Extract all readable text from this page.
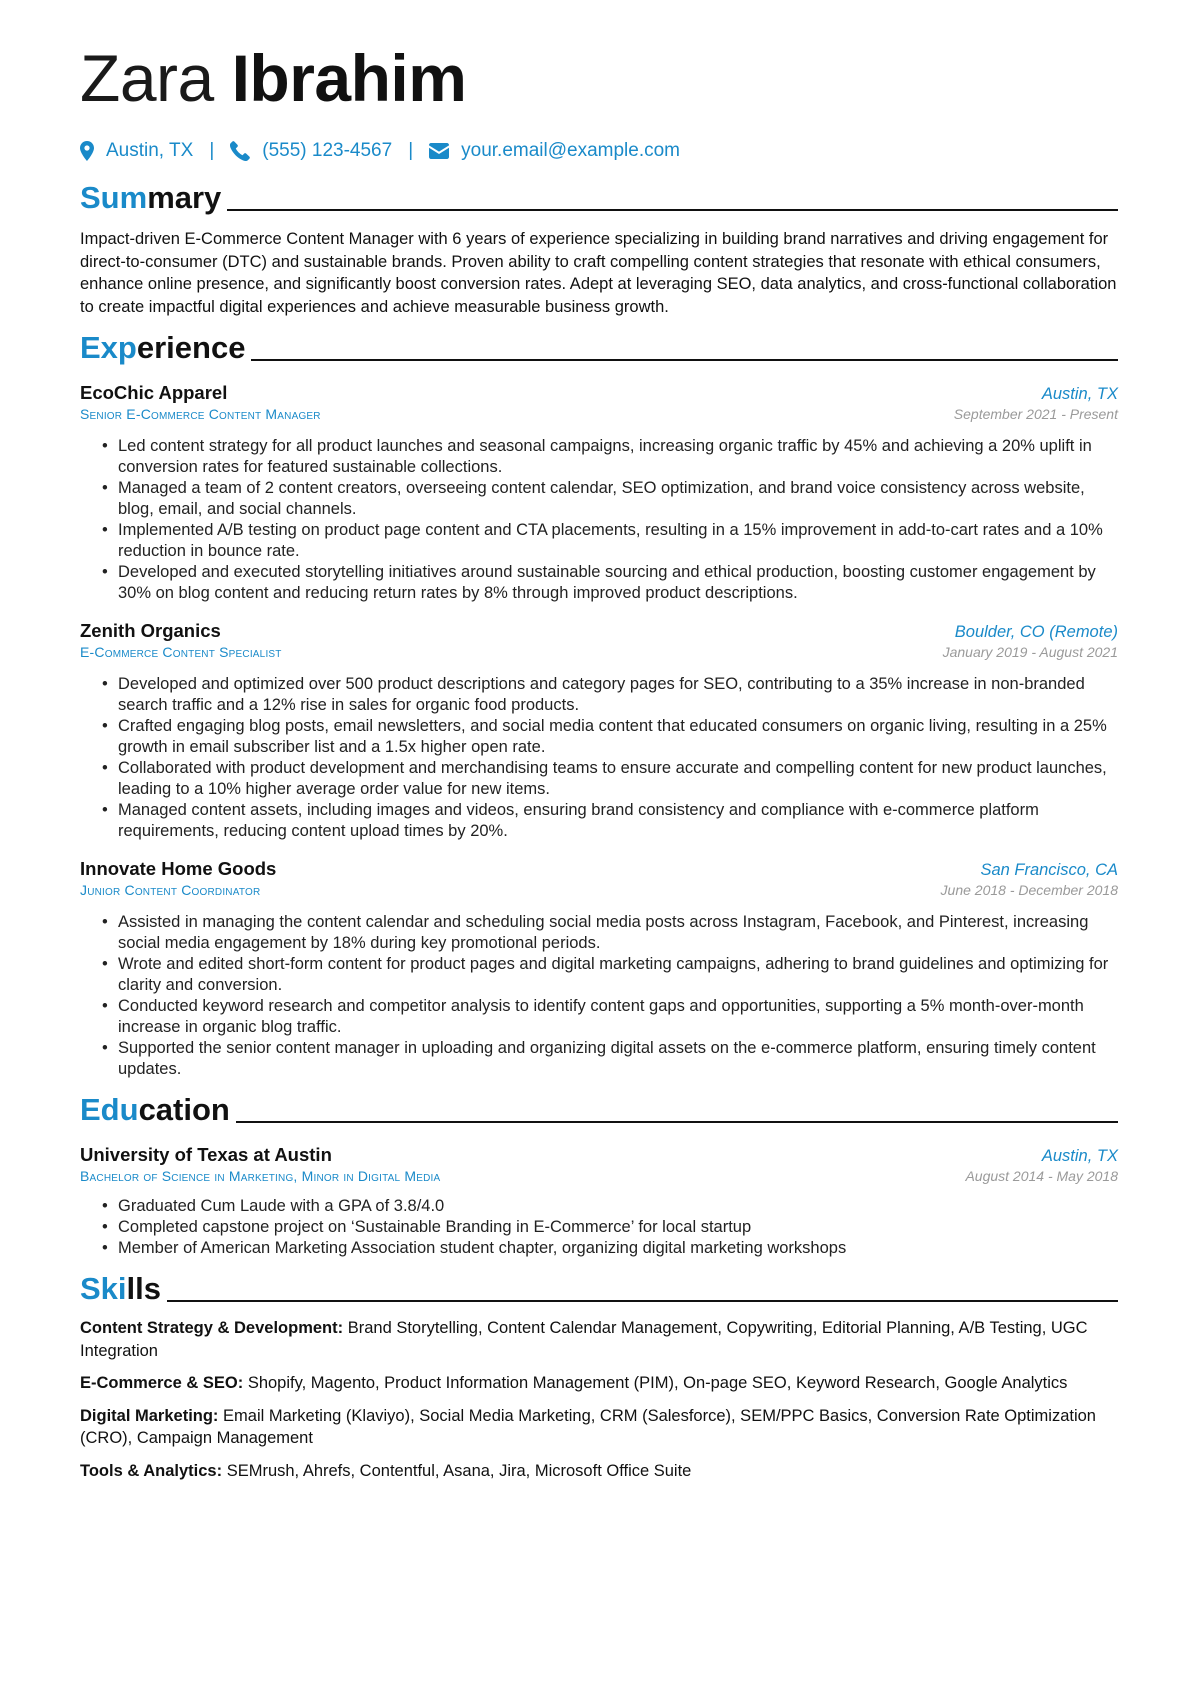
Zara Ibrahim
Austin, TX |	(555) 123-4567 |	your.email@example.com
Summary

Impact-driven E-Commerce Content Manager with 6 years of experience specializing in building brand narratives and driving engagement for direct-to-consumer (DTC) and sustainable brands. Proven ability to craft compelling content strategies that resonate with ethical consumers, enhance online presence, and significantly boost conversion rates. Adept at leveraging SEO, data analytics, and cross-functional collaboration to create impactful digital experiences and achieve measurable business growth.

Experience
EcoChic Apparel	Austin, TX
Senior E-Commerce Content Manager	September 2021 - Present
• Led content strategy for all product launches and seasonal campaigns, increasing organic traffic by 45% and achieving a 20% uplift in conversion rates for featured sustainable collections.
• Managed a team of 2 content creators, overseeing content calendar, SEO optimization, and brand voice consistency across website, blog, email, and social channels.
• Implemented A/B testing on product page content and CTA placements, resulting in a 15% improvement in add-to-cart rates and a 10% reduction in bounce rate.
• Developed and executed storytelling initiatives around sustainable sourcing and ethical production, boosting customer engagement by 30% on blog content and reducing return rates by 8% through improved product descriptions.
Zenith Organics	Boulder, CO (Remote)
E-Commerce Content Specialist	January 2019 - August 2021
• Developed and optimized over 500 product descriptions and category pages for SEO, contributing to a 35% increase in non-branded search traffic and a 12% rise in sales for organic food products.
• Crafted engaging blog posts, email newsletters, and social media content that educated consumers on organic living, resulting in a 25% growth in email subscriber list and a 1.5x higher open rate.
• Collaborated with product development and merchandising teams to ensure accurate and compelling content for new product launches, leading to a 10% higher average order value for new items.
• Managed content assets, including images and videos, ensuring brand consistency and compliance with e-commerce platform requirements, reducing content upload times by 20%.
Innovate Home Goods	San Francisco, CA
Junior Content Coordinator	June 2018 - December 2018
• Assisted in managing the content calendar and scheduling social media posts across Instagram, Facebook, and Pinterest, increasing social media engagement by 18% during key promotional periods.
• Wrote and edited short-form content for product pages and digital marketing campaigns, adhering to brand guidelines and optimizing for clarity and conversion.
• Conducted keyword research and competitor analysis to identify content gaps and opportunities, supporting a 5% month-over-month increase in organic blog traffic.
• Supported the senior content manager in uploading and organizing digital assets on the e-commerce platform, ensuring timely content updates.
Education
University of Texas at Austin	Austin, TX
Bachelor of Science in Marketing, Minor in Digital Media	August 2014 - May 2018
• Graduated Cum Laude with a GPA of 3.8/4.0
• Completed capstone project on ‘Sustainable Branding in E-Commerce’ for local startup
• Member of American Marketing Association student chapter, organizing digital marketing workshops
Skills
Content Strategy & Development: Brand Storytelling, Content Calendar Management, Copywriting, Editorial Planning, A/B Testing, UGC Integration
E-Commerce & SEO: Shopify, Magento, Product Information Management (PIM), On-page SEO, Keyword Research, Google Analytics
Digital Marketing: Email Marketing (Klaviyo), Social Media Marketing, CRM (Salesforce), SEM/PPC Basics, Conversion Rate Optimization (CRO), Campaign Management
Tools & Analytics: SEMrush, Ahrefs, Contentful, Asana, Jira, Microsoft Office Suite
